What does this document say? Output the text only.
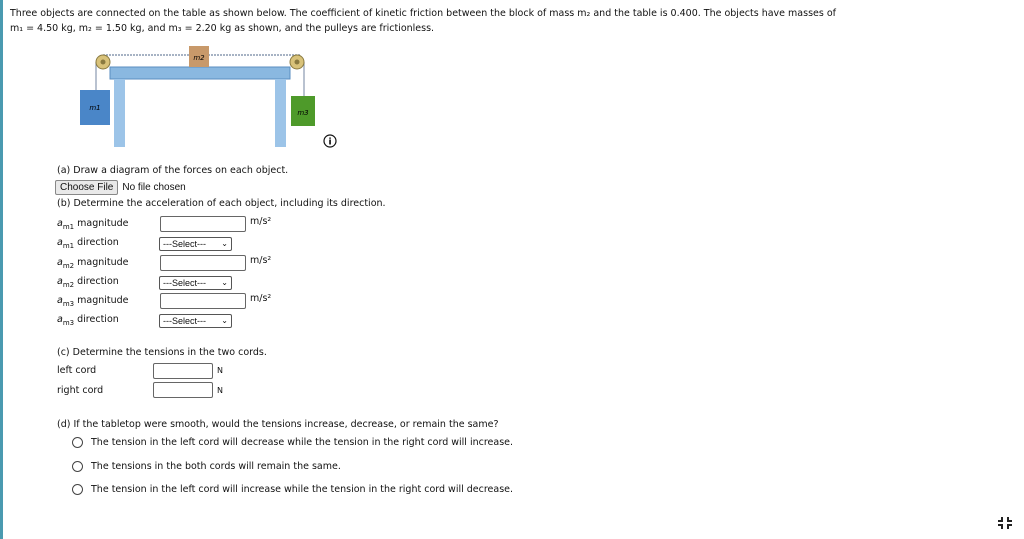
Three objects are connected on the table as shown below. The coefficient of kinetic friction between the block of mass m₂ and the table is 0.400. The objects have masses of
m₁ = 4.50 kg, m₂ = 1.50 kg, and m₃ = 2.20 kg as shown, and the pulleys are frictionless.
m2
m1
m3
i
(a) Draw a diagram of the forces on each object.
Choose File No file chosen
(b) Determine the acceleration of each object, including its direction.
$a_{m1}$ magnitude	m/s²
$a_{m1}$ direction	---Select--- ⌄
$a_{m2}$ magnitude	m/s²
$a_{m2}$ direction	---Select--- ⌄
$a_{m3}$ magnitude	m/s²
$a_{m3}$ direction	---Select--- ⌄
(c) Determine the tensions in the two cords.
left cord	N
right cord	N
(d) If the tabletop were smooth, would the tensions increase, decrease, or remain the same?
The tension in the left cord will decrease while the tension in the right cord will increase.
The tensions in the both cords will remain the same.
The tension in the left cord will increase while the tension in the right cord will decrease.
